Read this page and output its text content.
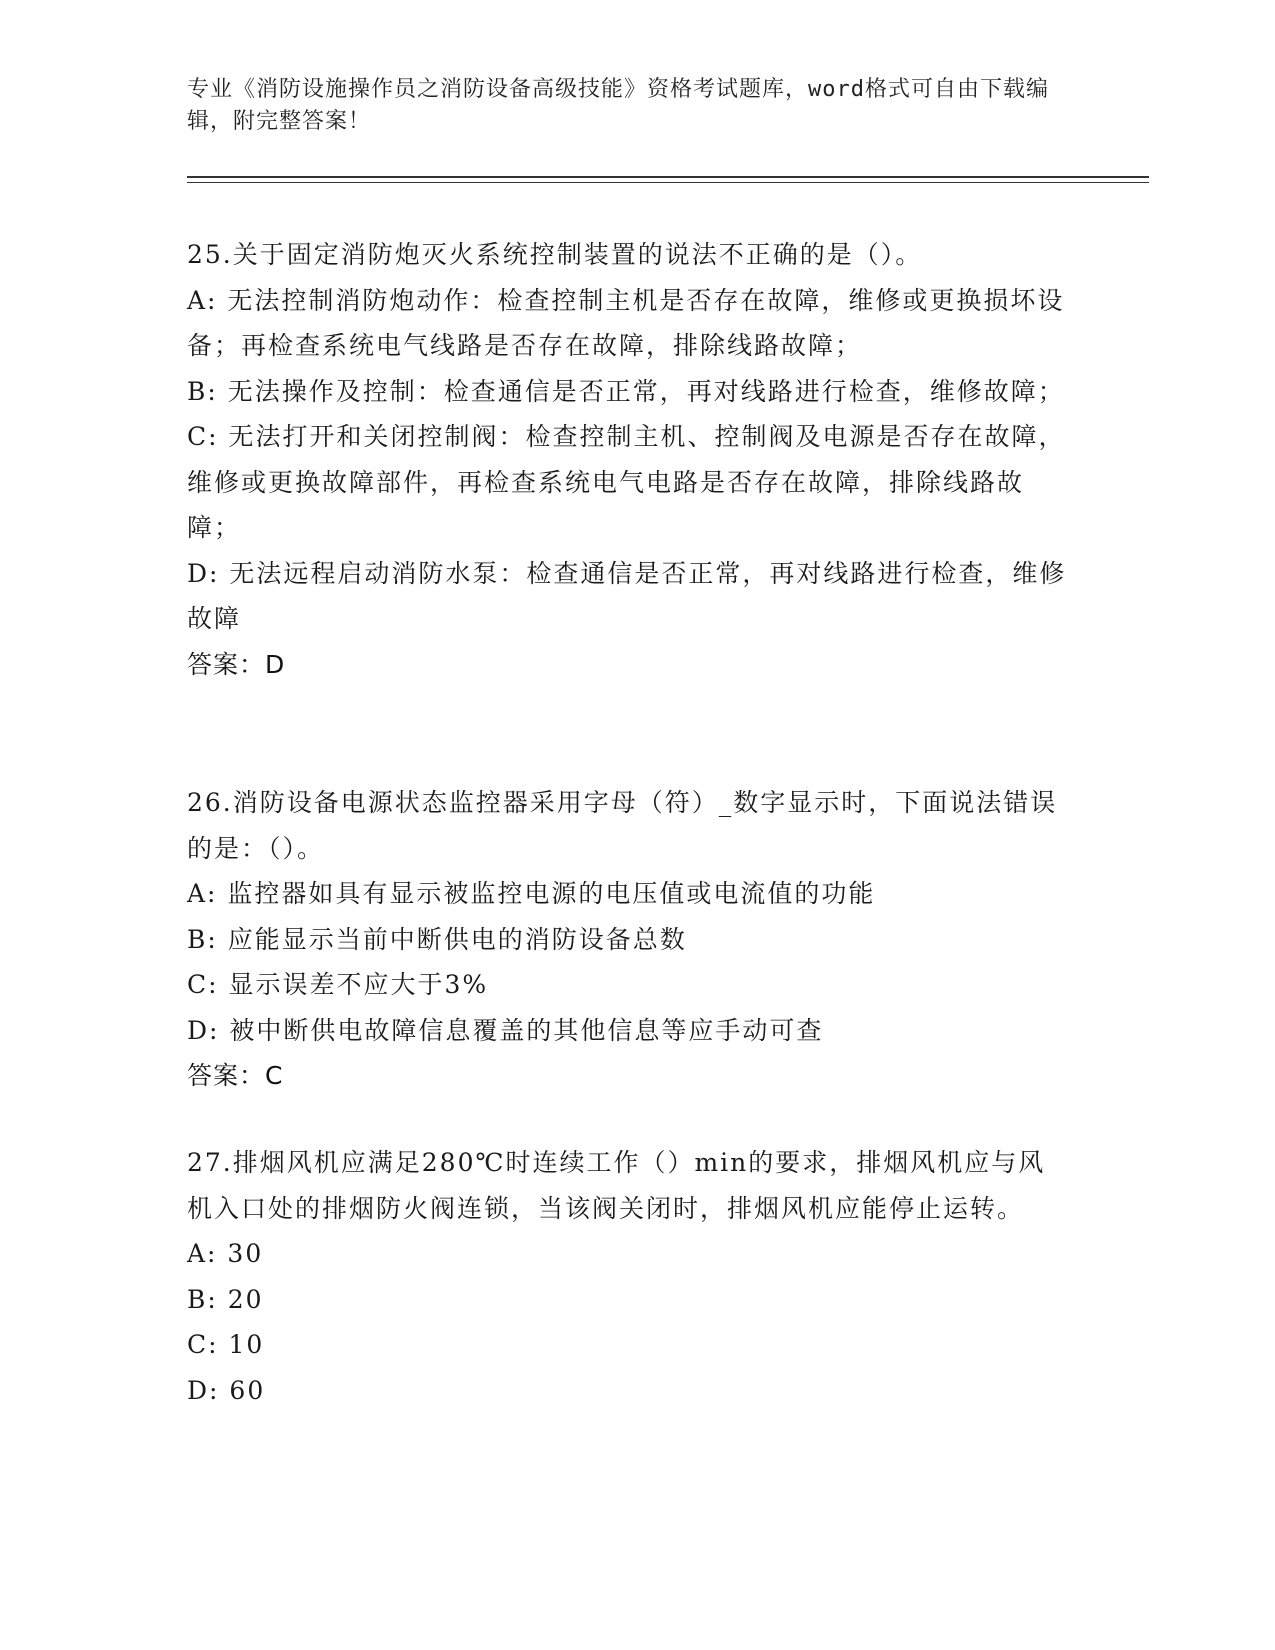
专业《消防设施操作员之消防设备高级技能》资格考试题库，word格式可自由下载编辑，附完整答案！

25.关于固定消防炮灭火系统控制装置的说法不正确的是（）。

A: 无法控制消防炮动作：检查控制主机是否存在故障，维修或更换损坏设备；再检查系统电气线路是否存在故障，排除线路故障；

B: 无法操作及控制：检查通信是否正常，再对线路进行检查，维修故障；

C: 无法打开和关闭控制阀：检查控制主机、控制阀及电源是否存在故障，维修或更换故障部件，再检查系统电气电路是否存在故障，排除线路故障；

D: 无法远程启动消防水泵：检查通信是否正常，再对线路进行检查，维修故障

答案：D

26.消防设备电源状态监控器采用字母（符）_数字显示时，下面说法错误的是：（）。

A: 监控器如具有显示被监控电源的电压值或电流值的功能

B: 应能显示当前中断供电的消防设备总数

C: 显示误差不应大于3%

D: 被中断供电故障信息覆盖的其他信息等应手动可查

答案：C

27.排烟风机应满足280℃时连续工作（）min的要求，排烟风机应与风机入口处的排烟防火阀连锁，当该阀关闭时，排烟风机应能停止运转。

A: 30

B: 20

C: 10

D: 60
